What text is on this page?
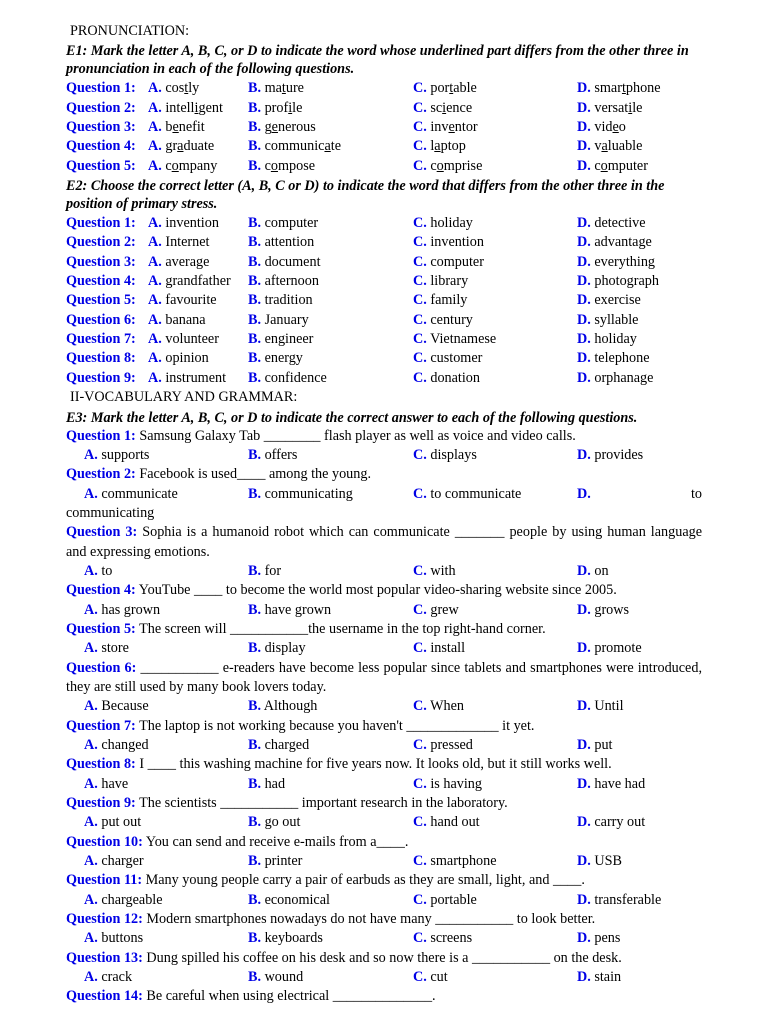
PRONUNCIATION:
E1: Mark the letter A, B, C, or D to indicate the word whose underlined part differs from the other three in pronunciation in each of the following questions.
Question 1: A. costly	B. mature	C. portable	D. smartphone
Question 2: A. intelligent B. profile	C. science	D. versatile
Question 3: A. benefit	B. generous	C. inventor	D. video
Question 4: A. graduate B. communicate	C. laptop	D. valuable
Question 5: A. company B. compose	C. comprise	D. computer
E2: Choose the correct letter (A, B, C or D) to indicate the word that differs from the other three in the position of primary stress.
Question 1: A. invention B. computer	C. holiday	D. detective
Question 2: A. Internet	B. attention	C. invention	D. advantage
Question 3: A. average	B. document	C. computer	D. everything
Question 4: A. grandfather B. afternoon	C. library	D. photograph
Question 5: A. favourite B. tradition	C. family	D. exercise
Question 6: A. banana	B. January	C. century	D. syllable
Question 7: A. volunteer B. engineer	C. Vietnamese	D. holiday
Question 8: A. opinion	B. energy	C. customer	D. telephone
Question 9: A. instrument B. confidence	C. donation	D. orphanage
II-VOCABULARY AND GRAMMAR:
E3: Mark the letter A, B, C, or D to indicate the correct answer to each of the following questions.
Question 1: Samsung Galaxy Tab ________ flash player as well as voice and video calls.
A. supports	B. offers	C. displays	D. provides
Question 2: Facebook is used____ among the young.
A. communicate	B. communicating	C. to communicate	D.	to
communicating
Question 3: Sophia is a humanoid robot which can communicate _______ people by using human language and expressing emotions.
A. to	B. for	C. with	D. on
Question 4: YouTube ____ to become the world most popular video-sharing website since 2005.
A. has grown	B. have grown	C. grew	D. grows
Question 5: The screen will ___________the username in the top right-hand corner.
A. store	B. display	C. install	D. promote
Question 6: ___________ e-readers have become less popular since tablets and smartphones were introduced, they are still used by many book lovers today.
A. Because	B. Although	C. When	D. Until
Question 7: The laptop is not working because you haven't _____________ it yet.
A. changed	B. charged	C. pressed	D. put
Question 8: I ____ this washing machine for five years now. It looks old, but it still works well.
A. have	B. had	C. is having	D. have had
Question 9: The scientists ___________ important research in the laboratory.
A. put out	B. go out	C. hand out	D. carry out
Question 10: You can send and receive e-mails from a____.
A. charger	B. printer	C. smartphone	D. USB
Question 11: Many young people carry a pair of earbuds as they are small, light, and ____.
A. chargeable	B. economical	C. portable	D. transferable
Question 12: Modern smartphones nowadays do not have many ___________ to look better.
A. buttons	B. keyboards	C. screens	D. pens
Question 13: Dung spilled his coffee on his desk and so now there is a ___________ on the desk.
A. crack	B. wound	C. cut	D. stain
Question 14: Be careful when using electrical ______________.
